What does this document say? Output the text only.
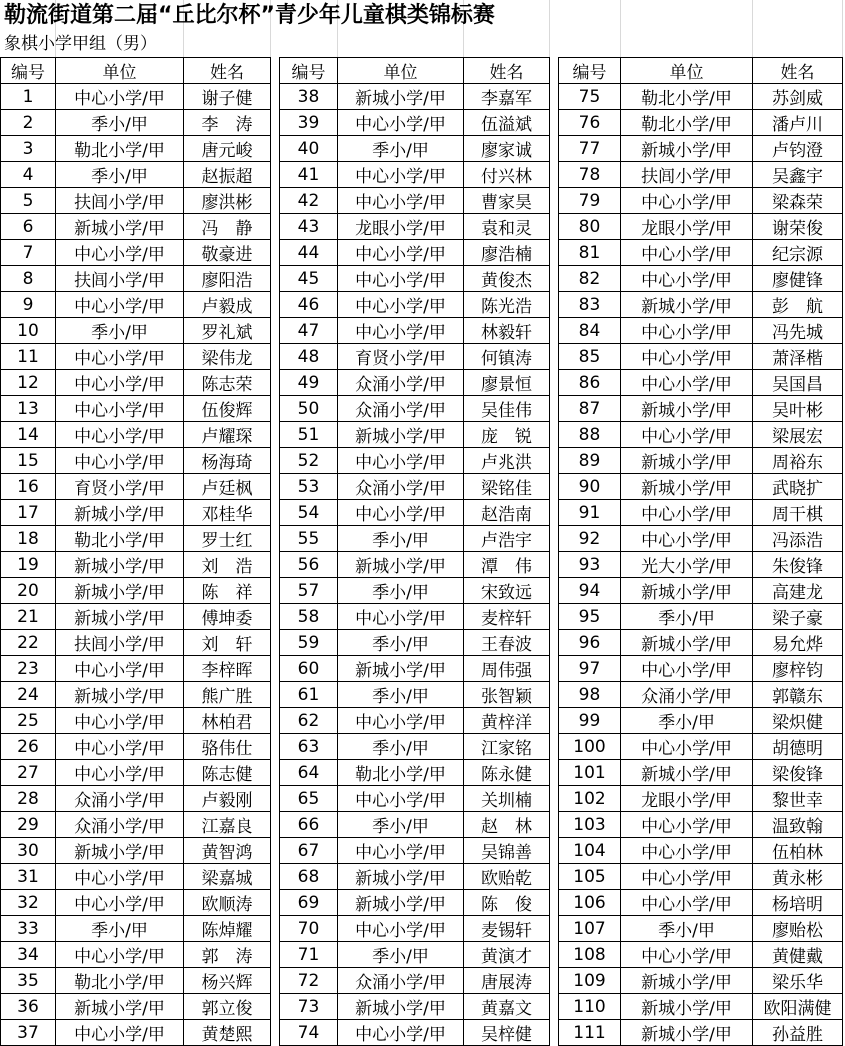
勒流街道第二届“丘比尔杯”青少年儿童棋类锦标赛
象棋小学甲组（男）
编号	单位	姓名
1	中心小学/甲	谢子健
2	季小/甲	李　涛
3	勒北小学/甲	唐元峻
4	季小/甲	赵振超
5	扶闾小学/甲	廖洪彬
6	新城小学/甲	冯　静
7	中心小学/甲	敬豪进
8	扶闾小学/甲	廖阳浩
9	中心小学/甲	卢毅成
10	季小/甲	罗礼斌
11	中心小学/甲	梁伟龙
12	中心小学/甲	陈志荣
13	中心小学/甲	伍俊辉
14	中心小学/甲	卢耀琛
15	中心小学/甲	杨海琦
16	育贤小学/甲	卢廷枫
17	新城小学/甲	邓桂华
18	勒北小学/甲	罗士红
19	新城小学/甲	刘　浩
20	新城小学/甲	陈　祥
21	新城小学/甲	傅坤委
22	扶闾小学/甲	刘　轩
23	中心小学/甲	李梓晖
24	新城小学/甲	熊广胜
25	中心小学/甲	林柏君
26	中心小学/甲	骆伟仕
27	中心小学/甲	陈志健
28	众涌小学/甲	卢毅刚
29	众涌小学/甲	江嘉良
30	新城小学/甲	黄智鸿
31	中心小学/甲	梁嘉城
32	中心小学/甲	欧顺涛
33	季小/甲	陈焯耀
34	中心小学/甲	郭　涛
35	勒北小学/甲	杨兴辉
36	新城小学/甲	郭立俊
37	中心小学/甲	黄楚熙
编号	单位	姓名
38	新城小学/甲	李嘉军
39	中心小学/甲	伍溢斌
40	季小/甲	廖家诚
41	中心小学/甲	付兴林
42	中心小学/甲	曹家昊
43	龙眼小学/甲	袁和灵
44	中心小学/甲	廖浩楠
45	中心小学/甲	黄俊杰
46	中心小学/甲	陈光浩
47	中心小学/甲	林毅轩
48	育贤小学/甲	何镇涛
49	众涌小学/甲	廖景恒
50	众涌小学/甲	吴佳伟
51	新城小学/甲	庞　锐
52	中心小学/甲	卢兆洪
53	众涌小学/甲	梁铭佳
54	中心小学/甲	赵浩南
55	季小/甲	卢浩宇
56	新城小学/甲	潭　伟
57	季小/甲	宋致远
58	中心小学/甲	麦梓轩
59	季小/甲	王春波
60	新城小学/甲	周伟强
61	季小/甲	张智颖
62	中心小学/甲	黄梓洋
63	季小/甲	江家铭
64	勒北小学/甲	陈永健
65	中心小学/甲	关圳楠
66	季小/甲	赵　林
67	中心小学/甲	吴锦善
68	新城小学/甲	欧贻乾
69	新城小学/甲	陈　俊
70	中心小学/甲	麦锡轩
71	季小/甲	黄演才
72	众涌小学/甲	唐展涛
73	新城小学/甲	黄嘉文
74	中心小学/甲	吴梓健
编号	单位	姓名
75	勒北小学/甲	苏剑威
76	勒北小学/甲	潘卢川
77	新城小学/甲	卢钧澄
78	扶闾小学/甲	吴鑫宇
79	中心小学/甲	梁森荣
80	龙眼小学/甲	谢荣俊
81	中心小学/甲	纪宗源
82	中心小学/甲	廖健锋
83	新城小学/甲	彭　航
84	中心小学/甲	冯先城
85	中心小学/甲	萧泽楷
86	中心小学/甲	吴国昌
87	新城小学/甲	吴叶彬
88	中心小学/甲	梁展宏
89	新城小学/甲	周裕东
90	新城小学/甲	武晓扩
91	中心小学/甲	周干棋
92	中心小学/甲	冯添浩
93	光大小学/甲	朱俊锋
94	新城小学/甲	高建龙
95	季小/甲	梁子豪
96	新城小学/甲	易允烨
97	中心小学/甲	廖梓钧
98	众涌小学/甲	郭赣东
99	季小/甲	梁炽健
100	中心小学/甲	胡德明
101	新城小学/甲	梁俊锋
102	龙眼小学/甲	黎世幸
103	中心小学/甲	温致翰
104	中心小学/甲	伍柏林
105	中心小学/甲	黄永彬
106	中心小学/甲	杨培明
107	季小/甲	廖贻松
108	中心小学/甲	黄健戴
109	新城小学/甲	梁乐华
110	新城小学/甲	欧阳满健
111	新城小学/甲	孙益胜
